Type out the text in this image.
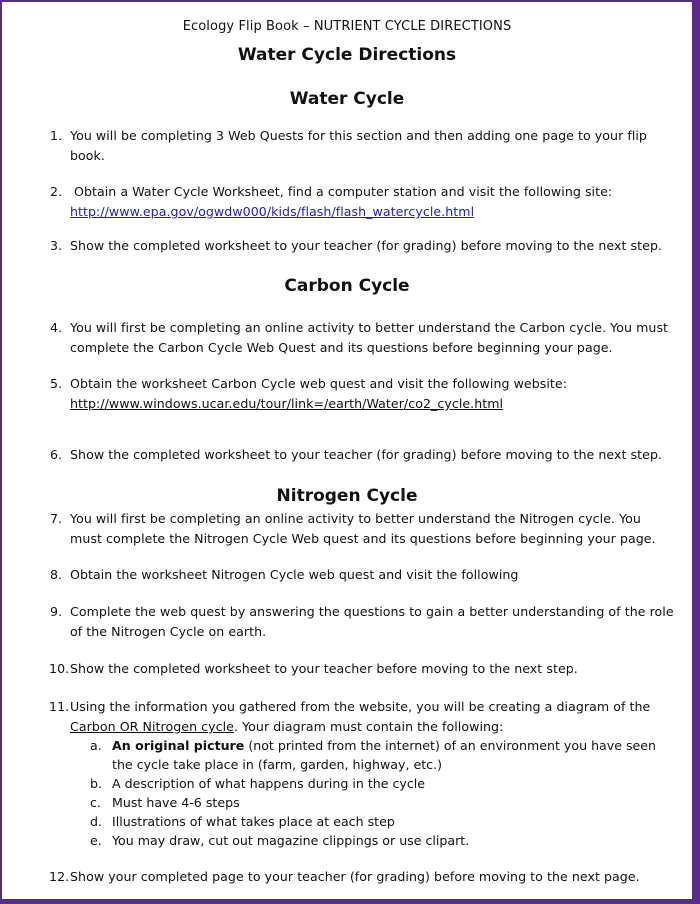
Ecology Flip Book – NUTRIENT CYCLE DIRECTIONS
Water Cycle Directions
Water Cycle
1. You will be completing 3 Web Quests for this section and then adding one page to your flip book.
2. Obtain a Water Cycle Worksheet, find a computer station and visit the following site:
http://www.epa.gov/ogwdw000/kids/flash/flash_watercycle.html
3. Show the completed worksheet to your teacher (for grading) before moving to the next step.
Carbon Cycle
4. You will first be completing an online activity to better understand the Carbon cycle. You must complete the Carbon Cycle Web Quest and its questions before beginning your page.
5. Obtain the worksheet Carbon Cycle web quest and visit the following website:
http://www.windows.ucar.edu/tour/link=/earth/Water/co2_cycle.html
6. Show the completed worksheet to your teacher (for grading) before moving to the next step.
Nitrogen Cycle
7. You will first be completing an online activity to better understand the Nitrogen cycle. You must complete the Nitrogen Cycle Web quest and its questions before beginning your page.
8. Obtain the worksheet Nitrogen Cycle web quest and visit the following
9. Complete the web quest by answering the questions to gain a better understanding of the role of the Nitrogen Cycle on earth.
10. Show the completed worksheet to your teacher before moving to the next step.
11. Using the information you gathered from the website, you will be creating a diagram of the Carbon OR Nitrogen cycle. Your diagram must contain the following:
a. An original picture (not printed from the internet) of an environment you have seen the cycle take place in (farm, garden, highway, etc.)
b. A description of what happens during in the cycle
c. Must have 4-6 steps
d. Illustrations of what takes place at each step
e. You may draw, cut out magazine clippings or use clipart.
12. Show your completed page to your teacher (for grading) before moving to the next page.
